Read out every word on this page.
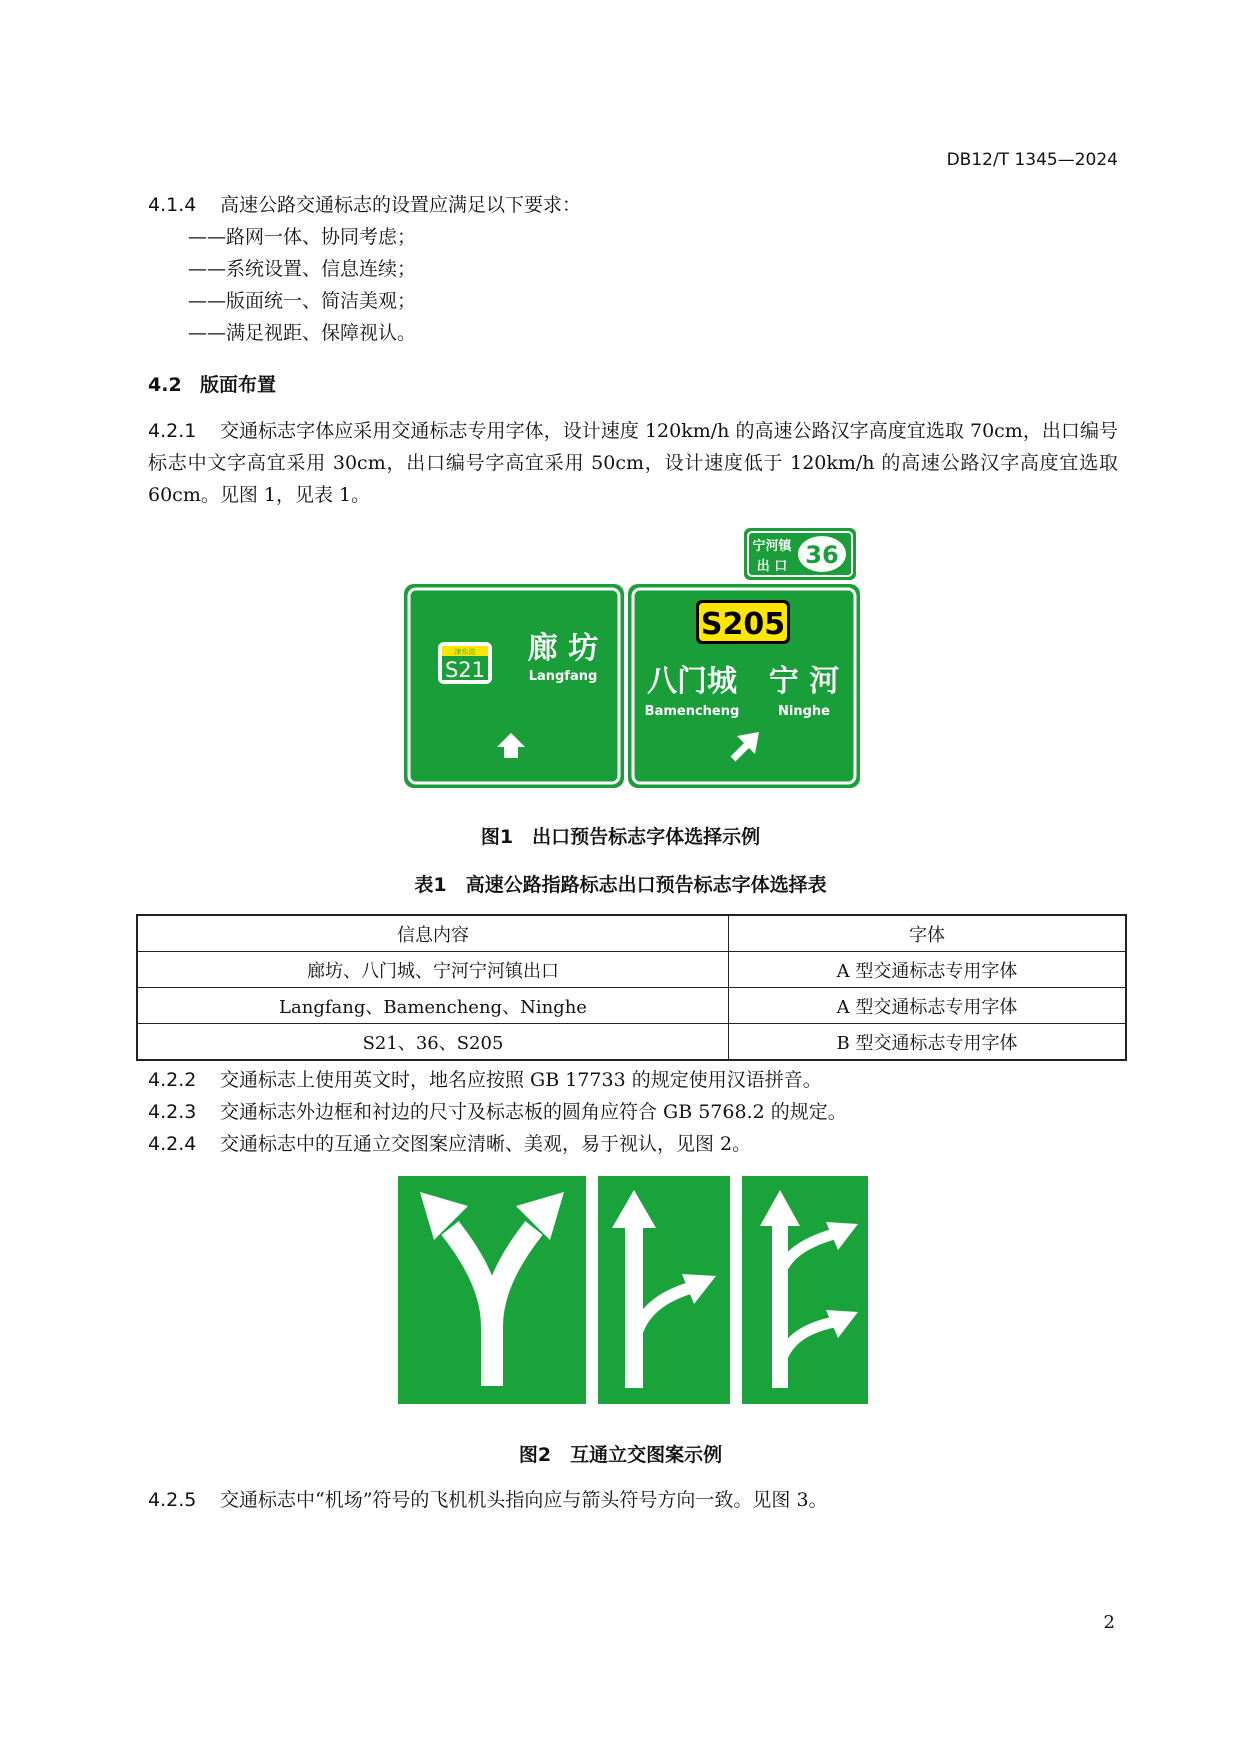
DB12/T 1345—2024
4.1.4 高速公路交通标志的设置应满足以下要求：
——路网一体、协同考虑；
——系统设置、信息连续；
——版面统一、简洁美观；
——满足视距、保障视认。
4.2 版面布置
4.2.1 交通标志字体应采用交通标志专用字体，设计速度 120km/h 的高速公路汉字高度宜选取 70cm，出口编号标志中文字高宜采用 30cm，出口编号字高宜采用 50cm，设计速度低于 120km/h 的高速公路汉字高度宜选取 60cm。见图 1，见表 1。
宁河镇
出 口 36
津东淀
S21
廊 坊
Langfang
S205
八门城 宁 河
Bamencheng	Ninghe
图1　出口预告标志字体选择示例
表1　高速公路指路标志出口预告标志字体选择表
信息内容	字体
廊坊、八门城、宁河宁河镇出口	A 型交通标志专用字体
Langfang、Bamencheng、Ninghe	A 型交通标志专用字体
S21、36、S205	B 型交通标志专用字体
4.2.2 交通标志上使用英文时，地名应按照 GB 17733 的规定使用汉语拼音。
4.2.3 交通标志外边框和衬边的尺寸及标志板的圆角应符合 GB 5768.2 的规定。
4.2.4 交通标志中的互通立交图案应清晰、美观，易于视认，见图 2。
图2　互通立交图案示例
4.2.5 交通标志中“机场”符号的飞机机头指向应与箭头符号方向一致。见图 3。
2
